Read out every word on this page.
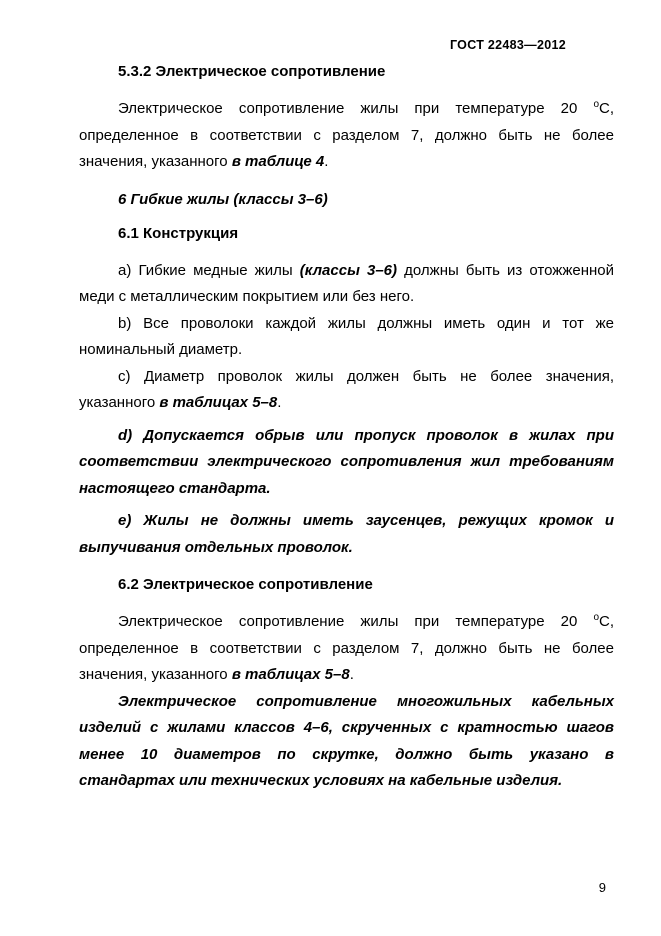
ГОСТ 22483—2012
5.3.2 Электрическое сопротивление

Электрическое сопротивление жилы при температуре 20 $^o$С, определенное в соответствии с разделом 7, должно быть не более значения, указанного в таблице 4.

6 Гибкие жилы (классы 3–6)
6.1 Конструкция

a) Гибкие медные жилы (классы 3–6) должны быть из отожженной меди с металлическим покрытием или без него.

b) Все проволоки каждой жилы должны иметь один и тот же номинальный диаметр.

c) Диаметр проволок жилы должен быть не более значения, указанного в таблицах 5–8.

d) Допускается обрыв или пропуск проволок в жилах при соответствии электрического сопротивления жил требованиям настоящего стандарта.

e) Жилы не должны иметь заусенцев, режущих кромок и выпучивания отдельных проволок.

6.2 Электрическое сопротивление

Электрическое сопротивление жилы при температуре 20 $^o$С, определенное в соответствии с разделом 7, должно быть не более значения, указанного в таблицах 5–8.

Электрическое сопротивление многожильных кабельных изделий с жилами классов 4–6, скрученных с кратностью шагов менее 10 диаметров по скрутке, должно быть указано в стандартах или технических условиях на кабельные изделия.

9
